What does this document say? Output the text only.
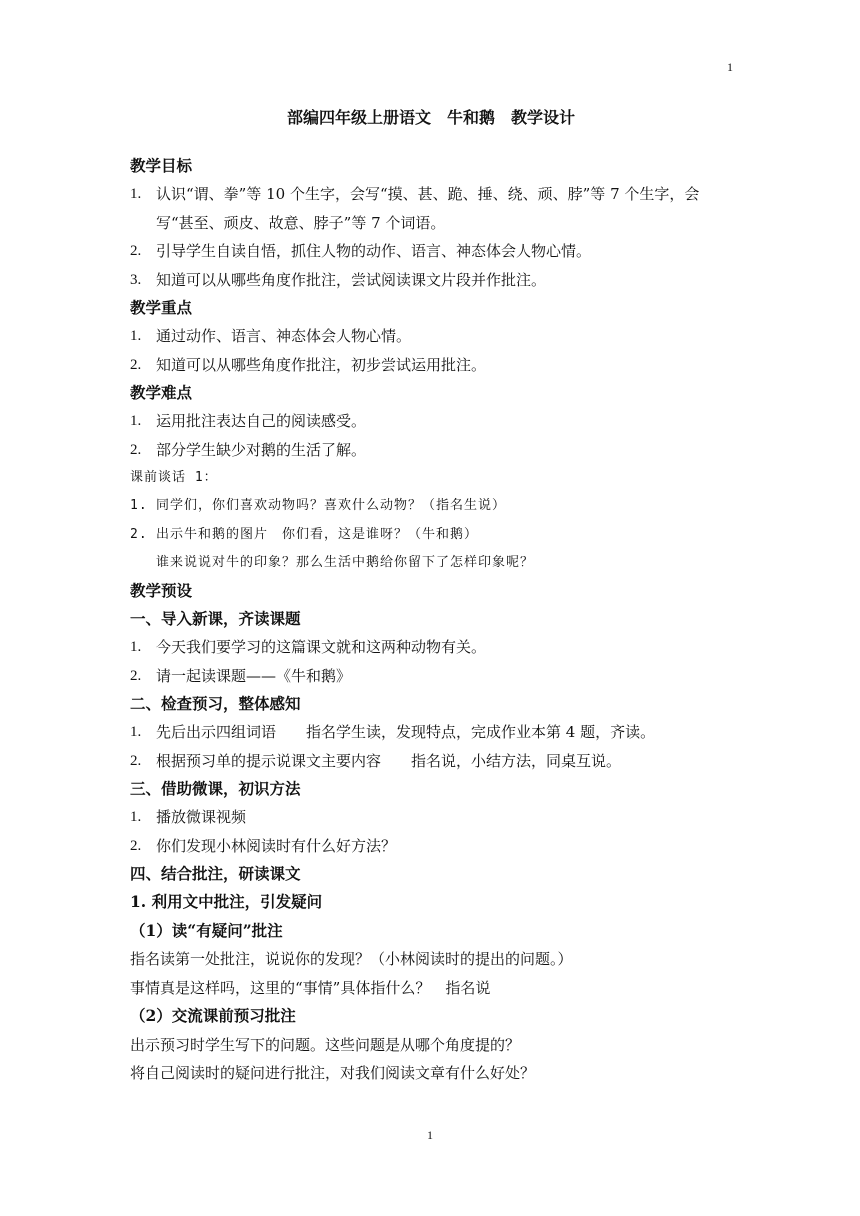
1
部编四年级上册语文　牛和鹅　教学设计
教学目标
1. 认识“谓、拳”等 10 个生字，会写“摸、甚、跪、捶、绕、顽、脖”等 7 个生字，会写“甚至、顽皮、故意、脖子”等 7 个词语。
2. 引导学生自读自悟，抓住人物的动作、语言、神态体会人物心情。
3. 知道可以从哪些角度作批注，尝试阅读课文片段并作批注。
教学重点
1. 通过动作、语言、神态体会人物心情。
2. 知道可以从哪些角度作批注，初步尝试运用批注。
教学难点
1. 运用批注表达自己的阅读感受。
2. 部分学生缺少对鹅的生活了解。
课前谈话 1：
1. 同学们，你们喜欢动物吗？喜欢什么动物？（指名生说）
2. 出示牛和鹅的图片　你们看，这是谁呀？（牛和鹅）
谁来说说对牛的印象？那么生活中鹅给你留下了怎样印象呢？
教学预设
一、导入新课，齐读课题
1. 今天我们要学习的这篇课文就和这两种动物有关。
2. 请一起读课题——《牛和鹅》
二、检查预习，整体感知
1. 先后出示四组词语　　指名学生读，发现特点，完成作业本第 4 题，齐读。
2. 根据预习单的提示说课文主要内容　　指名说，小结方法，同桌互说。
三、借助微课，初识方法
1. 播放微课视频
2. 你们发现小林阅读时有什么好方法？
四、结合批注，研读课文
1. 利用文中批注，引发疑问
（1）读“有疑问”批注
指名读第一处批注，说说你的发现？（小林阅读时的提出的问题。）
事情真是这样吗，这里的“事情”具体指什么？　指名说
（2）交流课前预习批注
出示预习时学生写下的问题。这些问题是从哪个角度提的？
将自己阅读时的疑问进行批注，对我们阅读文章有什么好处？
1
